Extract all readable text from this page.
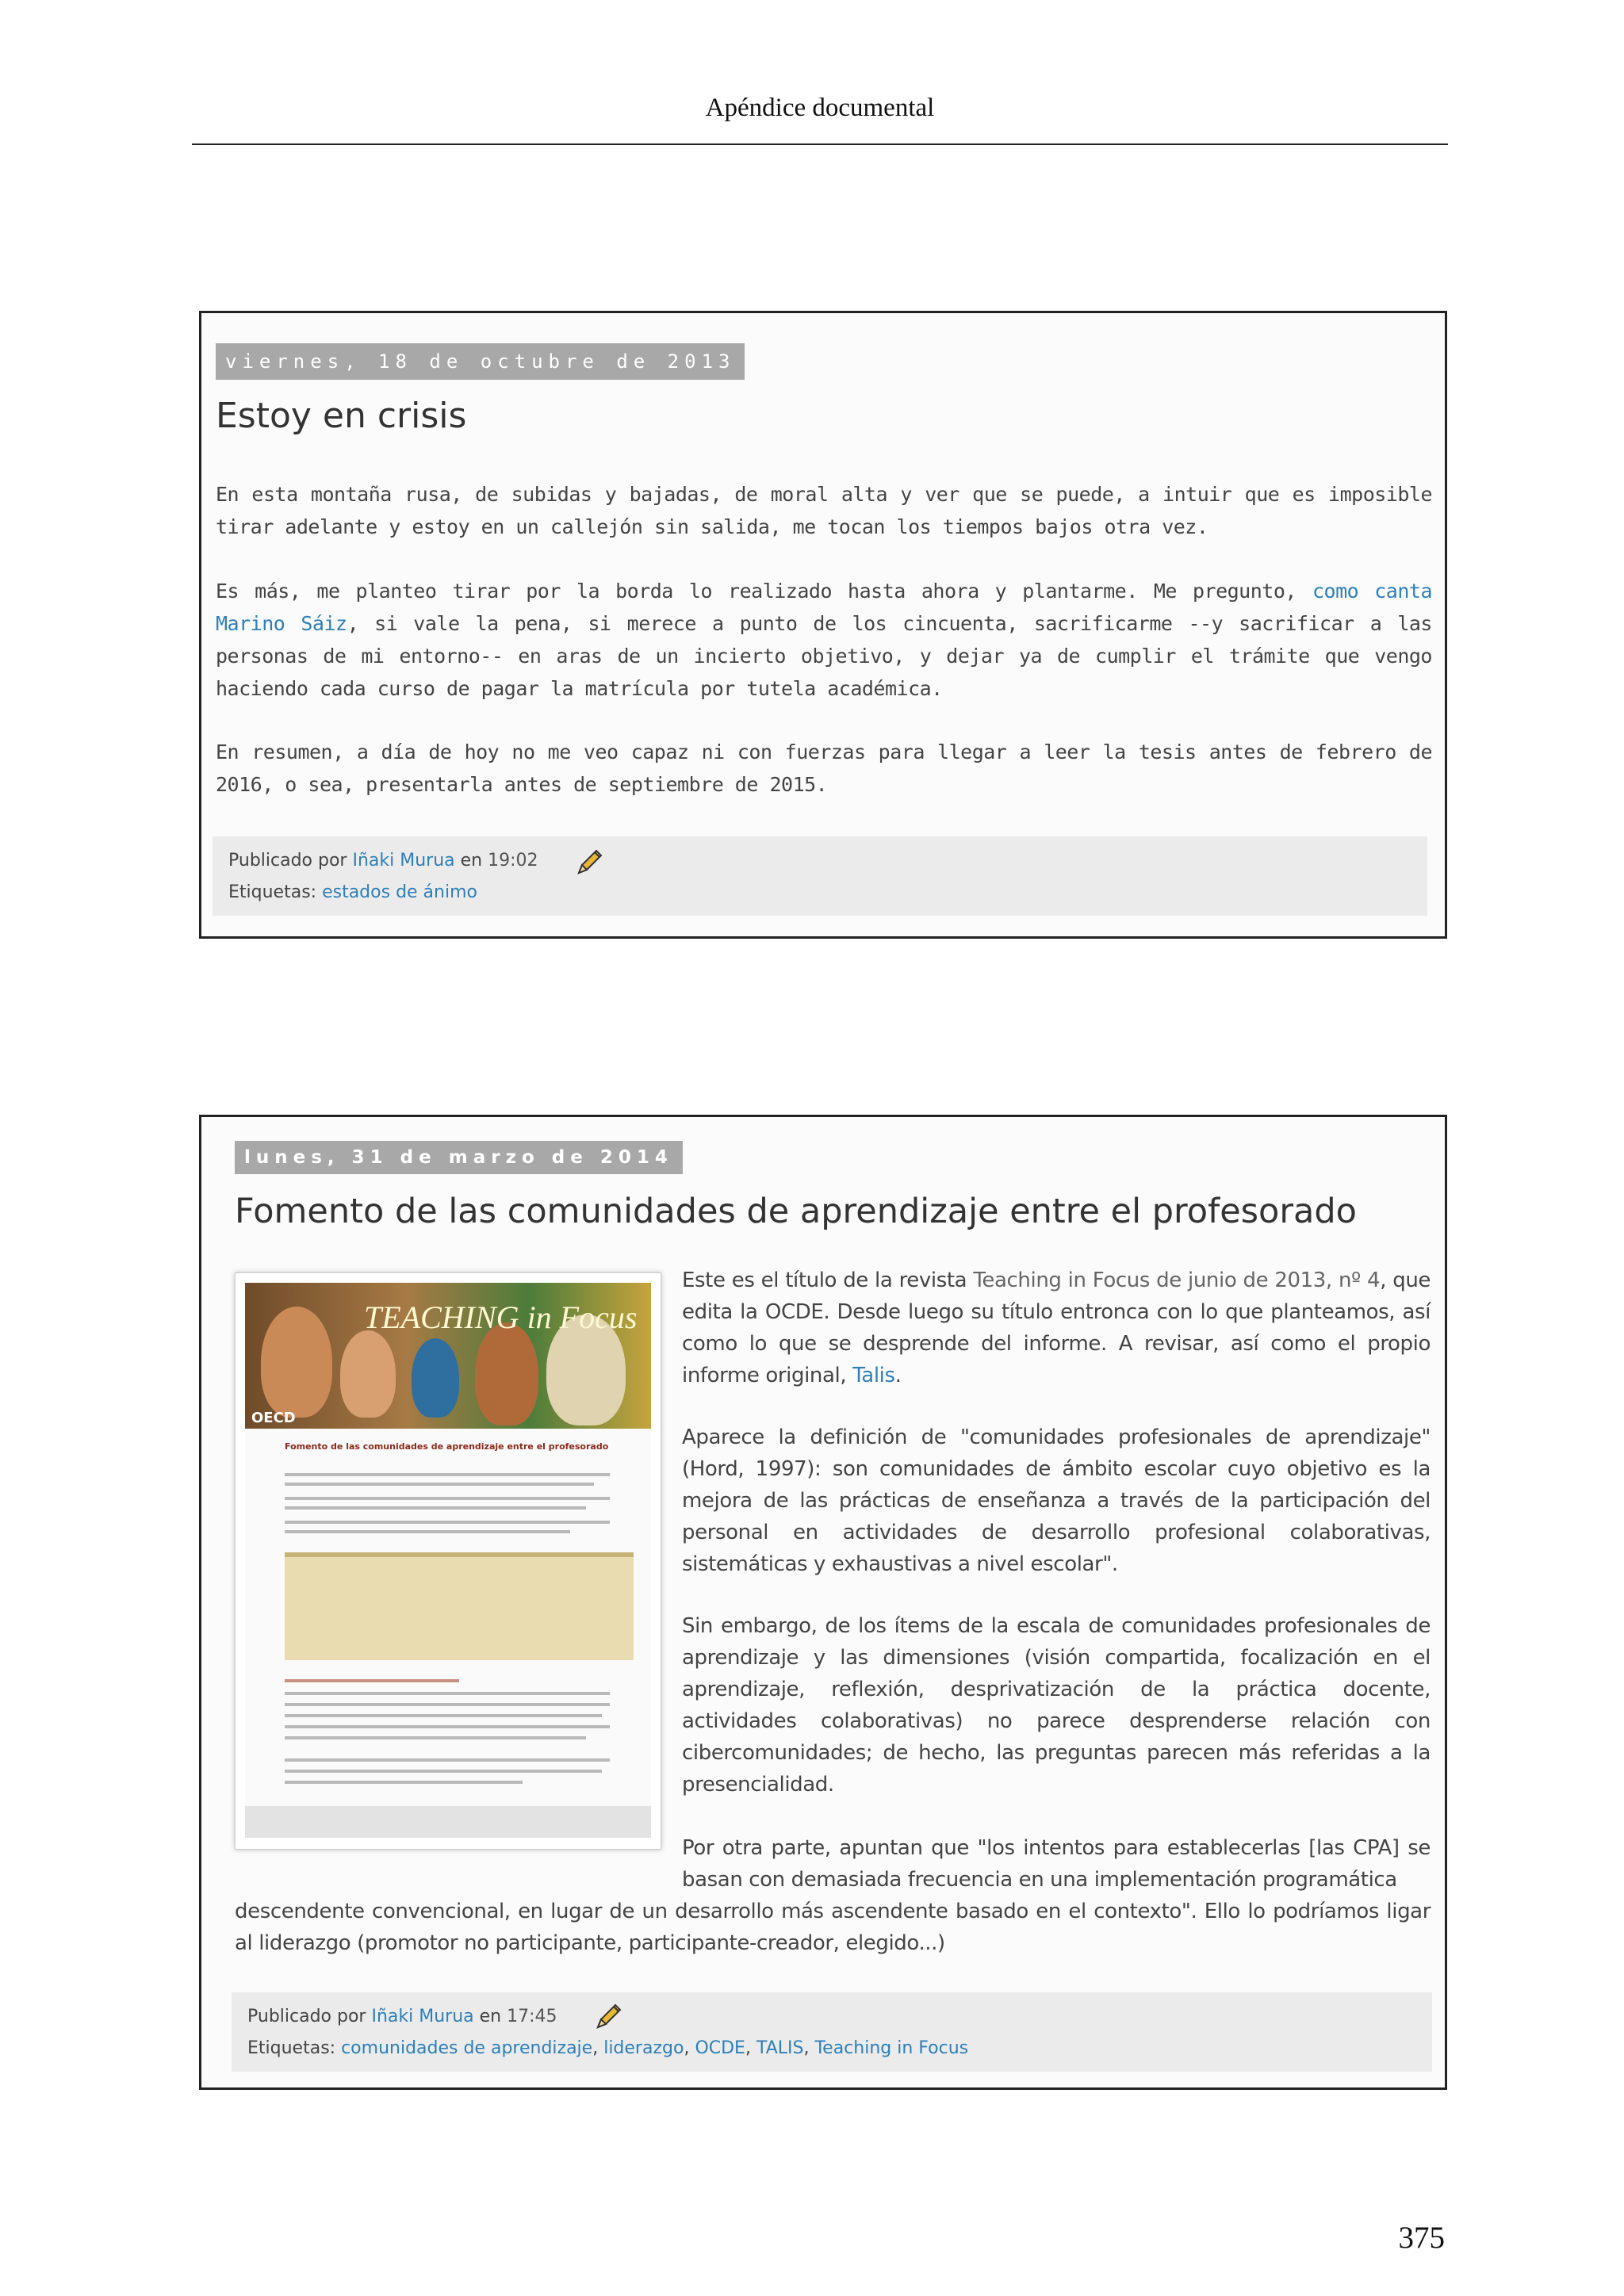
Apéndice documental
viernes, 18 de octubre de 2013
Estoy en crisis

En esta montaña rusa, de subidas y bajadas, de moral alta y ver que se puede, a intuir que es imposible tirar adelante y estoy en un callejón sin salida, me tocan los tiempos bajos otra vez.

Es más, me planteo tirar por la borda lo realizado hasta ahora y plantarme. Me pregunto, como canta Marino Sáiz, si vale la pena, si merece a punto de los cincuenta, sacrificarme --y sacrificar a las personas de mi entorno-- en aras de un incierto objetivo, y dejar ya de cumplir el trámite que vengo haciendo cada curso de pagar la matrícula por tutela académica.

En resumen, a día de hoy no me veo capaz ni con fuerzas para llegar a leer la tesis antes de febrero de 2016, o sea, presentarla antes de septiembre de 2015.

Publicado por Iñaki Murua en 19:02
Etiquetas: estados de ánimo
lunes, 31 de marzo de 2014
Fomento de las comunidades de aprendizaje entre el profesorado
TEACHING in Focus
OECD
Fomento de las comunidades de aprendizaje entre el profesorado

Este es el título de la revista Teaching in Focus de junio de 2013, nº 4, que edita la OCDE. Desde luego su título entronca con lo que planteamos, así como lo que se desprende del informe. A revisar, así como el propio informe original, Talis.

Aparece la definición de "comunidades profesionales de aprendizaje" (Hord, 1997): son comunidades de ámbito escolar cuyo objetivo es la mejora de las prácticas de enseñanza a través de la participación del personal en actividades de desarrollo profesional colaborativas, sistemáticas y exhaustivas a nivel escolar".

Sin embargo, de los ítems de la escala de comunidades profesionales de aprendizaje y las dimensiones (visión compartida, focalización en el aprendizaje, reflexión, desprivatización de la práctica docente, actividades colaborativas) no parece desprenderse relación con cibercomunidades; de hecho, las preguntas parecen más referidas a la presencialidad.

Por otra parte, apuntan que "los intentos para establecerlas [las CPA] se basan con demasiada frecuencia en una implementación programática

descendente convencional, en lugar de un desarrollo más ascendente basado en el contexto". Ello lo podríamos ligar al liderazgo (promotor no participante, participante-creador, elegido...)

Publicado por Iñaki Murua en 17:45
Etiquetas: comunidades de aprendizaje, liderazgo, OCDE, TALIS, Teaching in Focus
375
